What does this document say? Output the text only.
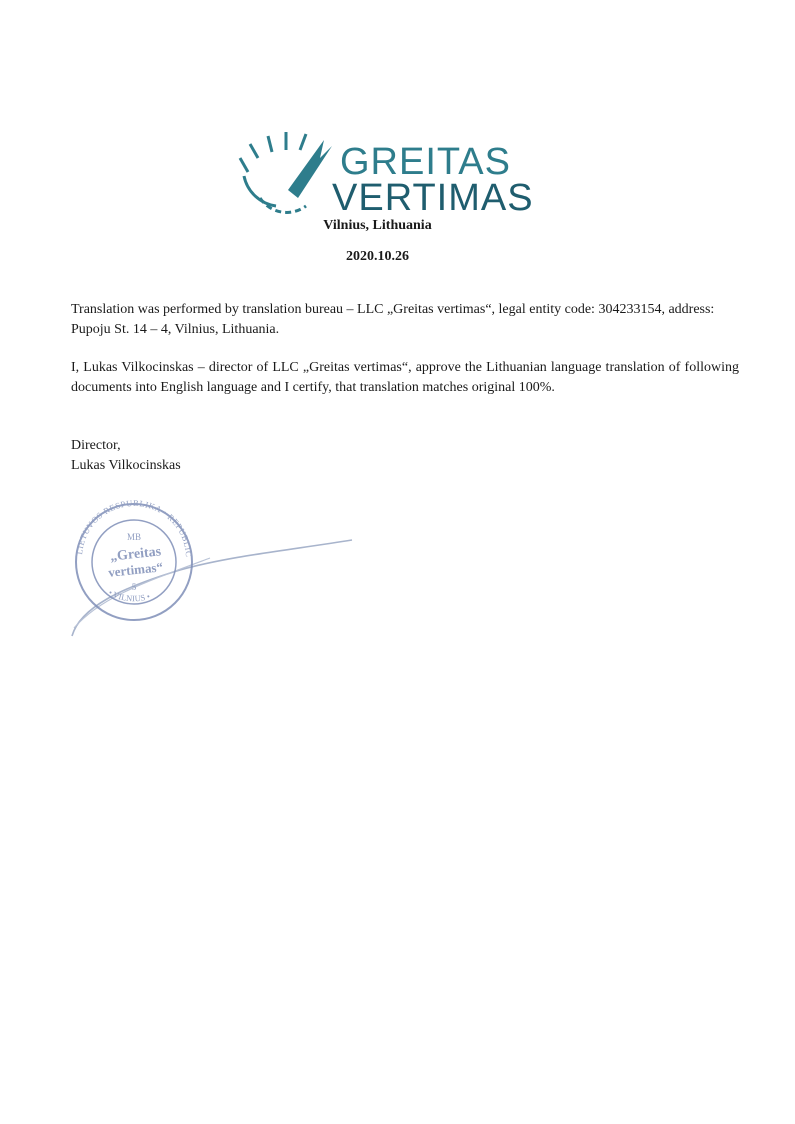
GREITAS
VERTIMAS
Vilnius, Lithuania
2020.10.26

Translation was performed by translation bureau – LLC „Greitas vertimas“, legal entity code: 304233154, address: Pupoju St. 14 – 4, Vilnius, Lithuania.

I, Lukas Vilkocinskas – director of LLC „Greitas vertimas“, approve the Lithuanian language translation of following documents into English language and I certify, that translation matches original 100%.

Director,
Lukas Vilkocinskas
LIETUVOS RESPUBLIKA • REPUBLIC
• VILNIUS •
MB
„Greitas
vertimas“
5
